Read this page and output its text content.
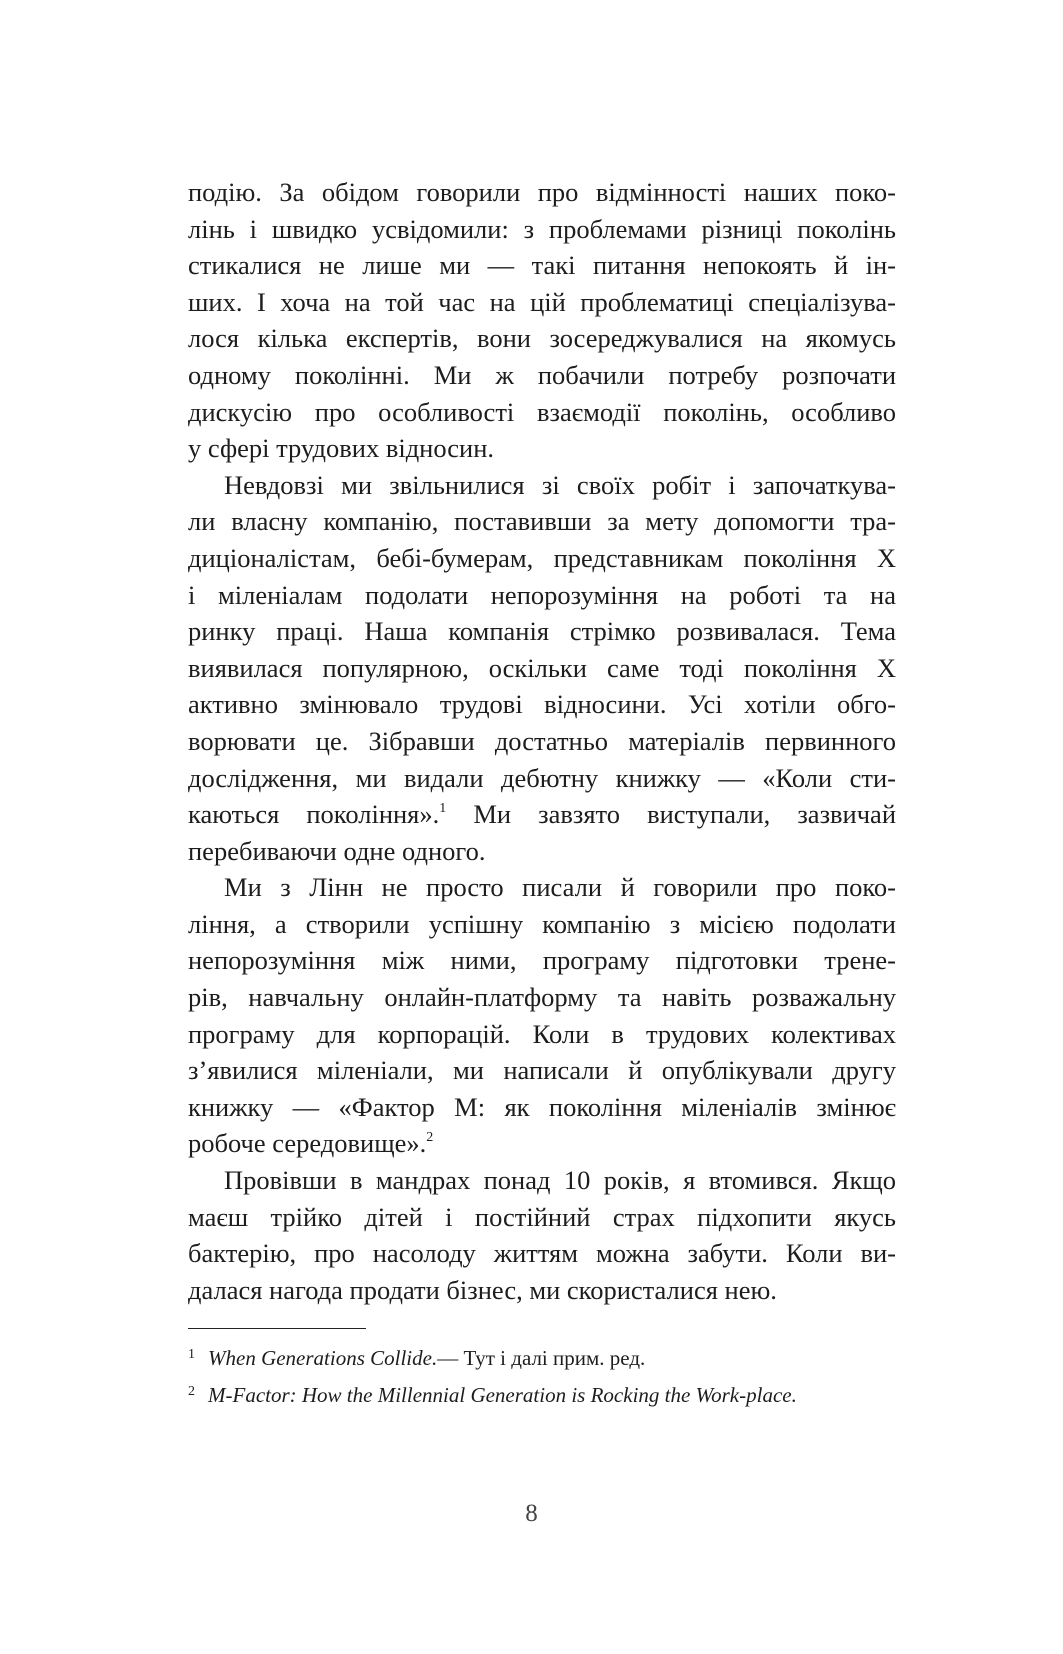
подію. За обідом говорили про відмінності наших поко-
лінь і швидко усвідомили: з проблемами різниці поколінь
стикалися не лише ми — такі питання непокоять й ін-
ших. І хоча на той час на цій проблематиці спеціалізува-
лося кілька експертів, вони зосереджувалися на якомусь
одному поколінні. Ми ж побачили потребу розпочати
дискусію про особливості взаємодії поколінь, особливо
у сфері трудових відносин.
Невдовзі ми звільнилися зі своїх робіт і започаткува-
ли власну компанію, поставивши за мету допомогти тра-
диціоналістам, бебі-бумерам, представникам покоління Х
і міленіалам подолати непорозуміння на роботі та на
ринку праці. Наша компанія стрімко розвивалася. Тема
виявилася популярною, оскільки саме тоді покоління Х
активно змінювало трудові відносини. Усі хотіли обго-
ворювати це. Зібравши достатньо матеріалів первинного
дослідження, ми видали дебютну книжку — «Коли сти-
каються покоління».$^1$ Ми завзято виступали, зазвичай
перебиваючи одне одного.
Ми з Лінн не просто писали й говорили про поко-
ління, а створили успішну компанію з місією подолати
непорозуміння між ними, програму підготовки трене-
рів, навчальну онлайн-платформу та навіть розважальну
програму для корпорацій. Коли в трудових колективах
з’явилися міленіали, ми написали й опублікували другу
книжку — «Фактор М: як покоління міленіалів змінює
робоче середовище».$^2$
Провівши в мандрах понад 10 років, я втомився. Якщо
маєш трійко дітей і постійний страх підхопити якусь
бактерію, про насолоду життям можна забути. Коли ви-
далася нагода продати бізнес, ми скористалися нею.
1 When Generations Collide.— Тут і далі прим. ред.
2 M-Factor: How the Millennial Generation is Rocking the Work-place.
8
